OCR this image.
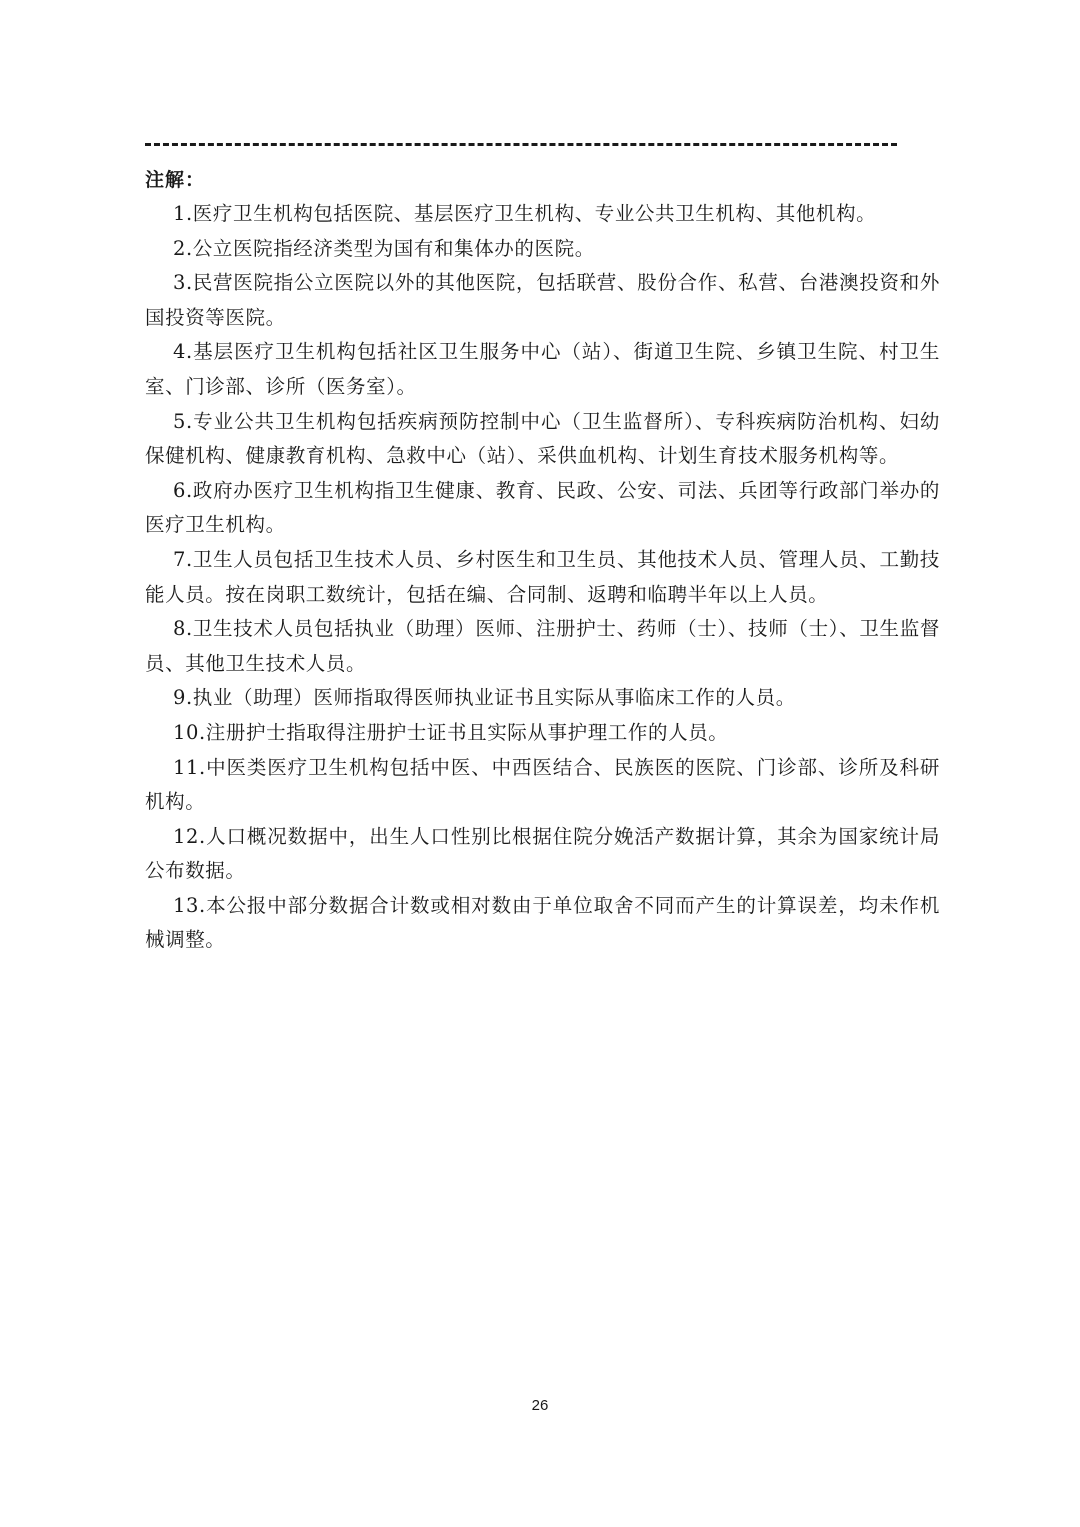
注解：
1.医疗卫生机构包括医院、基层医疗卫生机构、专业公共卫生机构、其他机构。
2.公立医院指经济类型为国有和集体办的医院。
3.民营医院指公立医院以外的其他医院，包括联营、股份合作、私营、台港澳投资和外国投资等医院。
4.基层医疗卫生机构包括社区卫生服务中心（站）、街道卫生院、乡镇卫生院、村卫生室、门诊部、诊所（医务室）。
5.专业公共卫生机构包括疾病预防控制中心（卫生监督所）、专科疾病防治机构、妇幼保健机构、健康教育机构、急救中心（站）、采供血机构、计划生育技术服务机构等。
6.政府办医疗卫生机构指卫生健康、教育、民政、公安、司法、兵团等行政部门举办的医疗卫生机构。
7.卫生人员包括卫生技术人员、乡村医生和卫生员、其他技术人员、管理人员、工勤技能人员。按在岗职工数统计，包括在编、合同制、返聘和临聘半年以上人员。
8.卫生技术人员包括执业（助理）医师、注册护士、药师（士）、技师（士）、卫生监督员、其他卫生技术人员。
9.执业（助理）医师指取得医师执业证书且实际从事临床工作的人员。
10.注册护士指取得注册护士证书且实际从事护理工作的人员。
11.中医类医疗卫生机构包括中医、中西医结合、民族医的医院、门诊部、诊所及科研机构。
12.人口概况数据中，出生人口性别比根据住院分娩活产数据计算，其余为国家统计局公布数据。
13.本公报中部分数据合计数或相对数由于单位取舍不同而产生的计算误差，均未作机械调整。
26
